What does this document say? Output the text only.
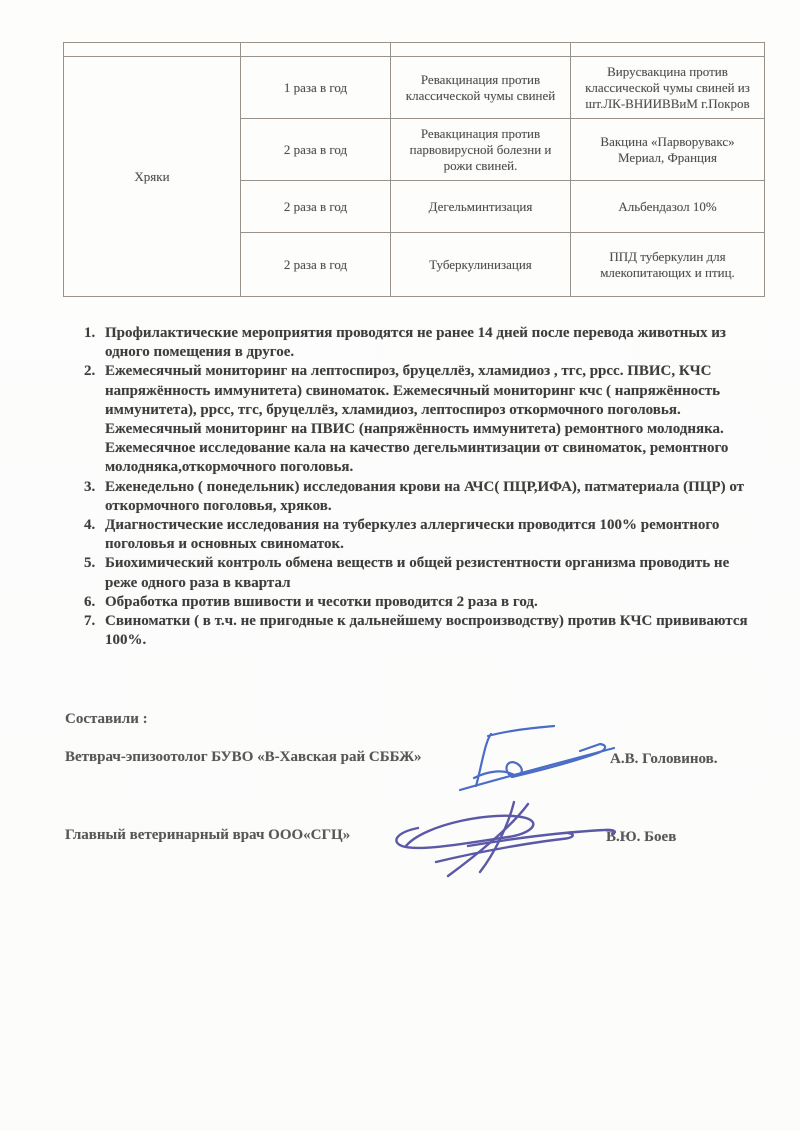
Хряки	1 раза в год	Ревакцинация против классической чумы свиней	Вирусвакцина против классической чумы свиней из шт.ЛК-ВНИИВВиМ г.Покров
	2 раза в год	Ревакцинация против парвовирусной болезни и рожи свиней.	Вакцина «Парворувакс» Мериал, Франция
	2 раза в год	Дегельминтизация	Альбендазол 10%
	2 раза в год	Туберкулинизация	ППД туберкулин для млекопитающих и птиц.
1. Профилактические мероприятия проводятся не ранее 14 дней после перевода животных из одного помещения в другое.
2. Ежемесячный мониторинг на лептоспироз, бруцеллёз, хламидиоз , тгс, ррсс. ПВИС, КЧС напряжённость иммунитета) свиноматок. Ежемесячный мониторинг кчс ( напряжённость иммунитета), ррсс, тгс, бруцеллёз, хламидиоз, лептоспироз откормочного поголовья. Ежемесячный мониторинг на ПВИС (напряжённость иммунитета) ремонтного молодняка. Ежемесячное исследование кала на качество дегельминтизации от свиноматок, ремонтного молодняка,откормочного поголовья.
3. Еженедельно ( понедельник) исследования крови на АЧС( ПЦР,ИФА), патматериала (ПЦР) от откормочного поголовья, хряков.
4. Диагностические исследования на туберкулез аллергически проводится 100% ремонтного поголовья и основных свиноматок.
5. Биохимический контроль обмена веществ и общей резистентности организма проводить не реже одного раза в квартал
6. Обработка против вшивости и чесотки проводится 2 раза в год.
7. Свиноматки ( в т.ч. не пригодные к дальнейшему воспроизводству) против КЧС прививаются 100%.
Составили :
Ветврач-эпизоотолог БУВО «В-Хавская рай СББЖ»	А.В. Головинов.
Главный ветеринарный врач ООО«СГЦ»	В.Ю. Боев
